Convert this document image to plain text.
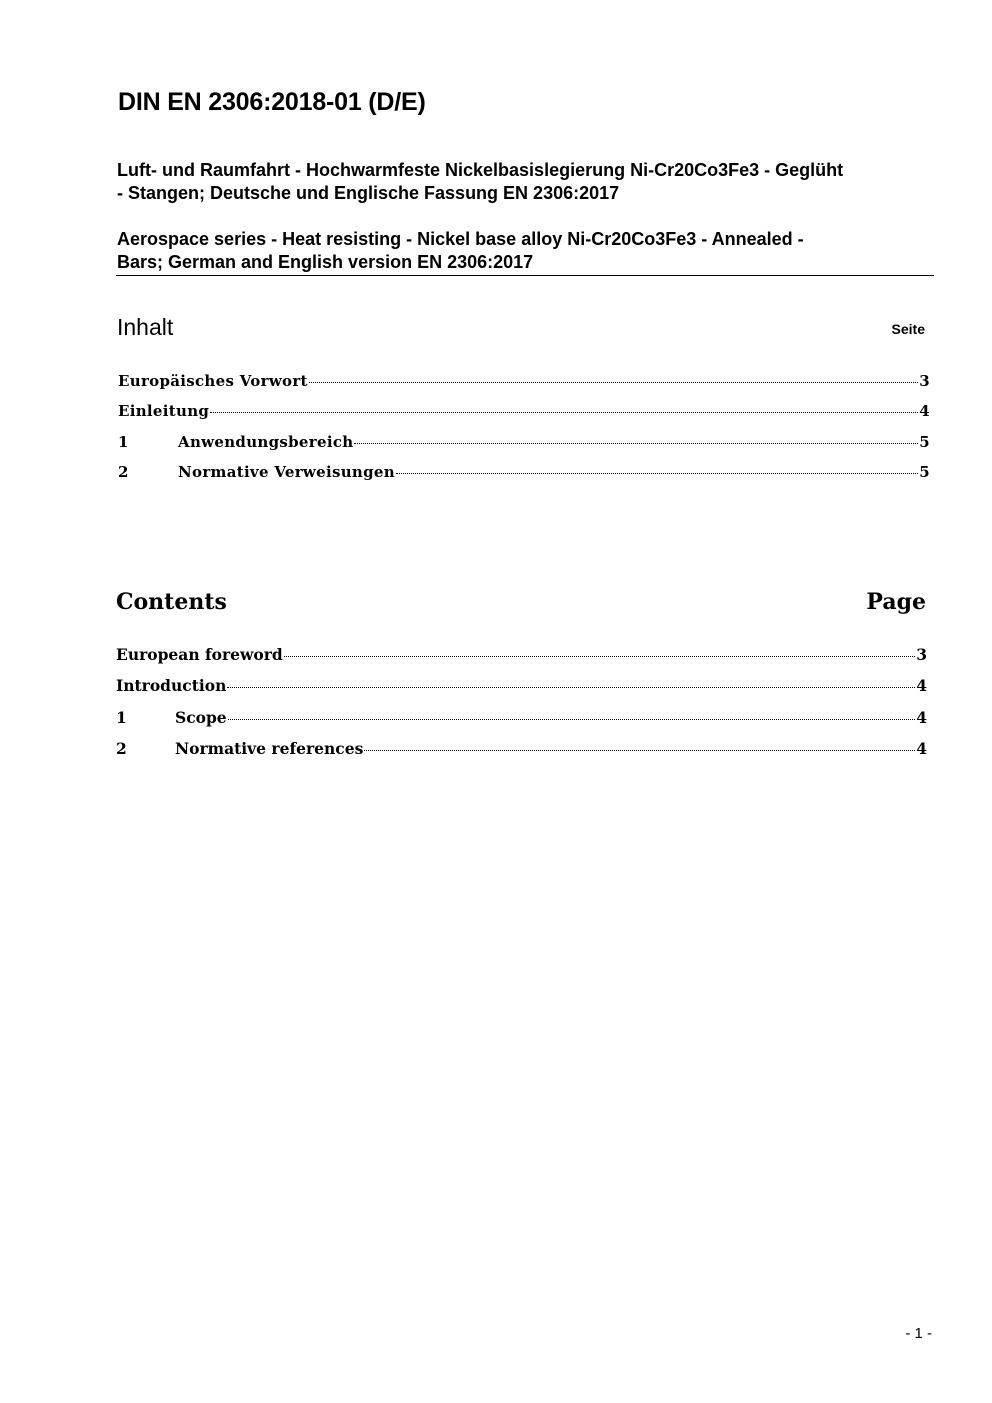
DIN EN 2306:2018-01 (D/E)
Luft- und Raumfahrt - Hochwarmfeste Nickelbasislegierung Ni-Cr20Co3Fe3 - Geglüht
- Stangen; Deutsche und Englische Fassung EN 2306:2017
Aerospace series - Heat resisting - Nickel base alloy Ni-Cr20Co3Fe3 - Annealed -
Bars; German and English version EN 2306:2017
Inhalt	Seite
Europäisches Vorwort	3
Einleitung	4
1	Anwendungsbereich	5
2	Normative Verweisungen	5
Contents	Page
European foreword	3
Introduction	4
1	Scope	4
2	Normative references	4
- 1 -
